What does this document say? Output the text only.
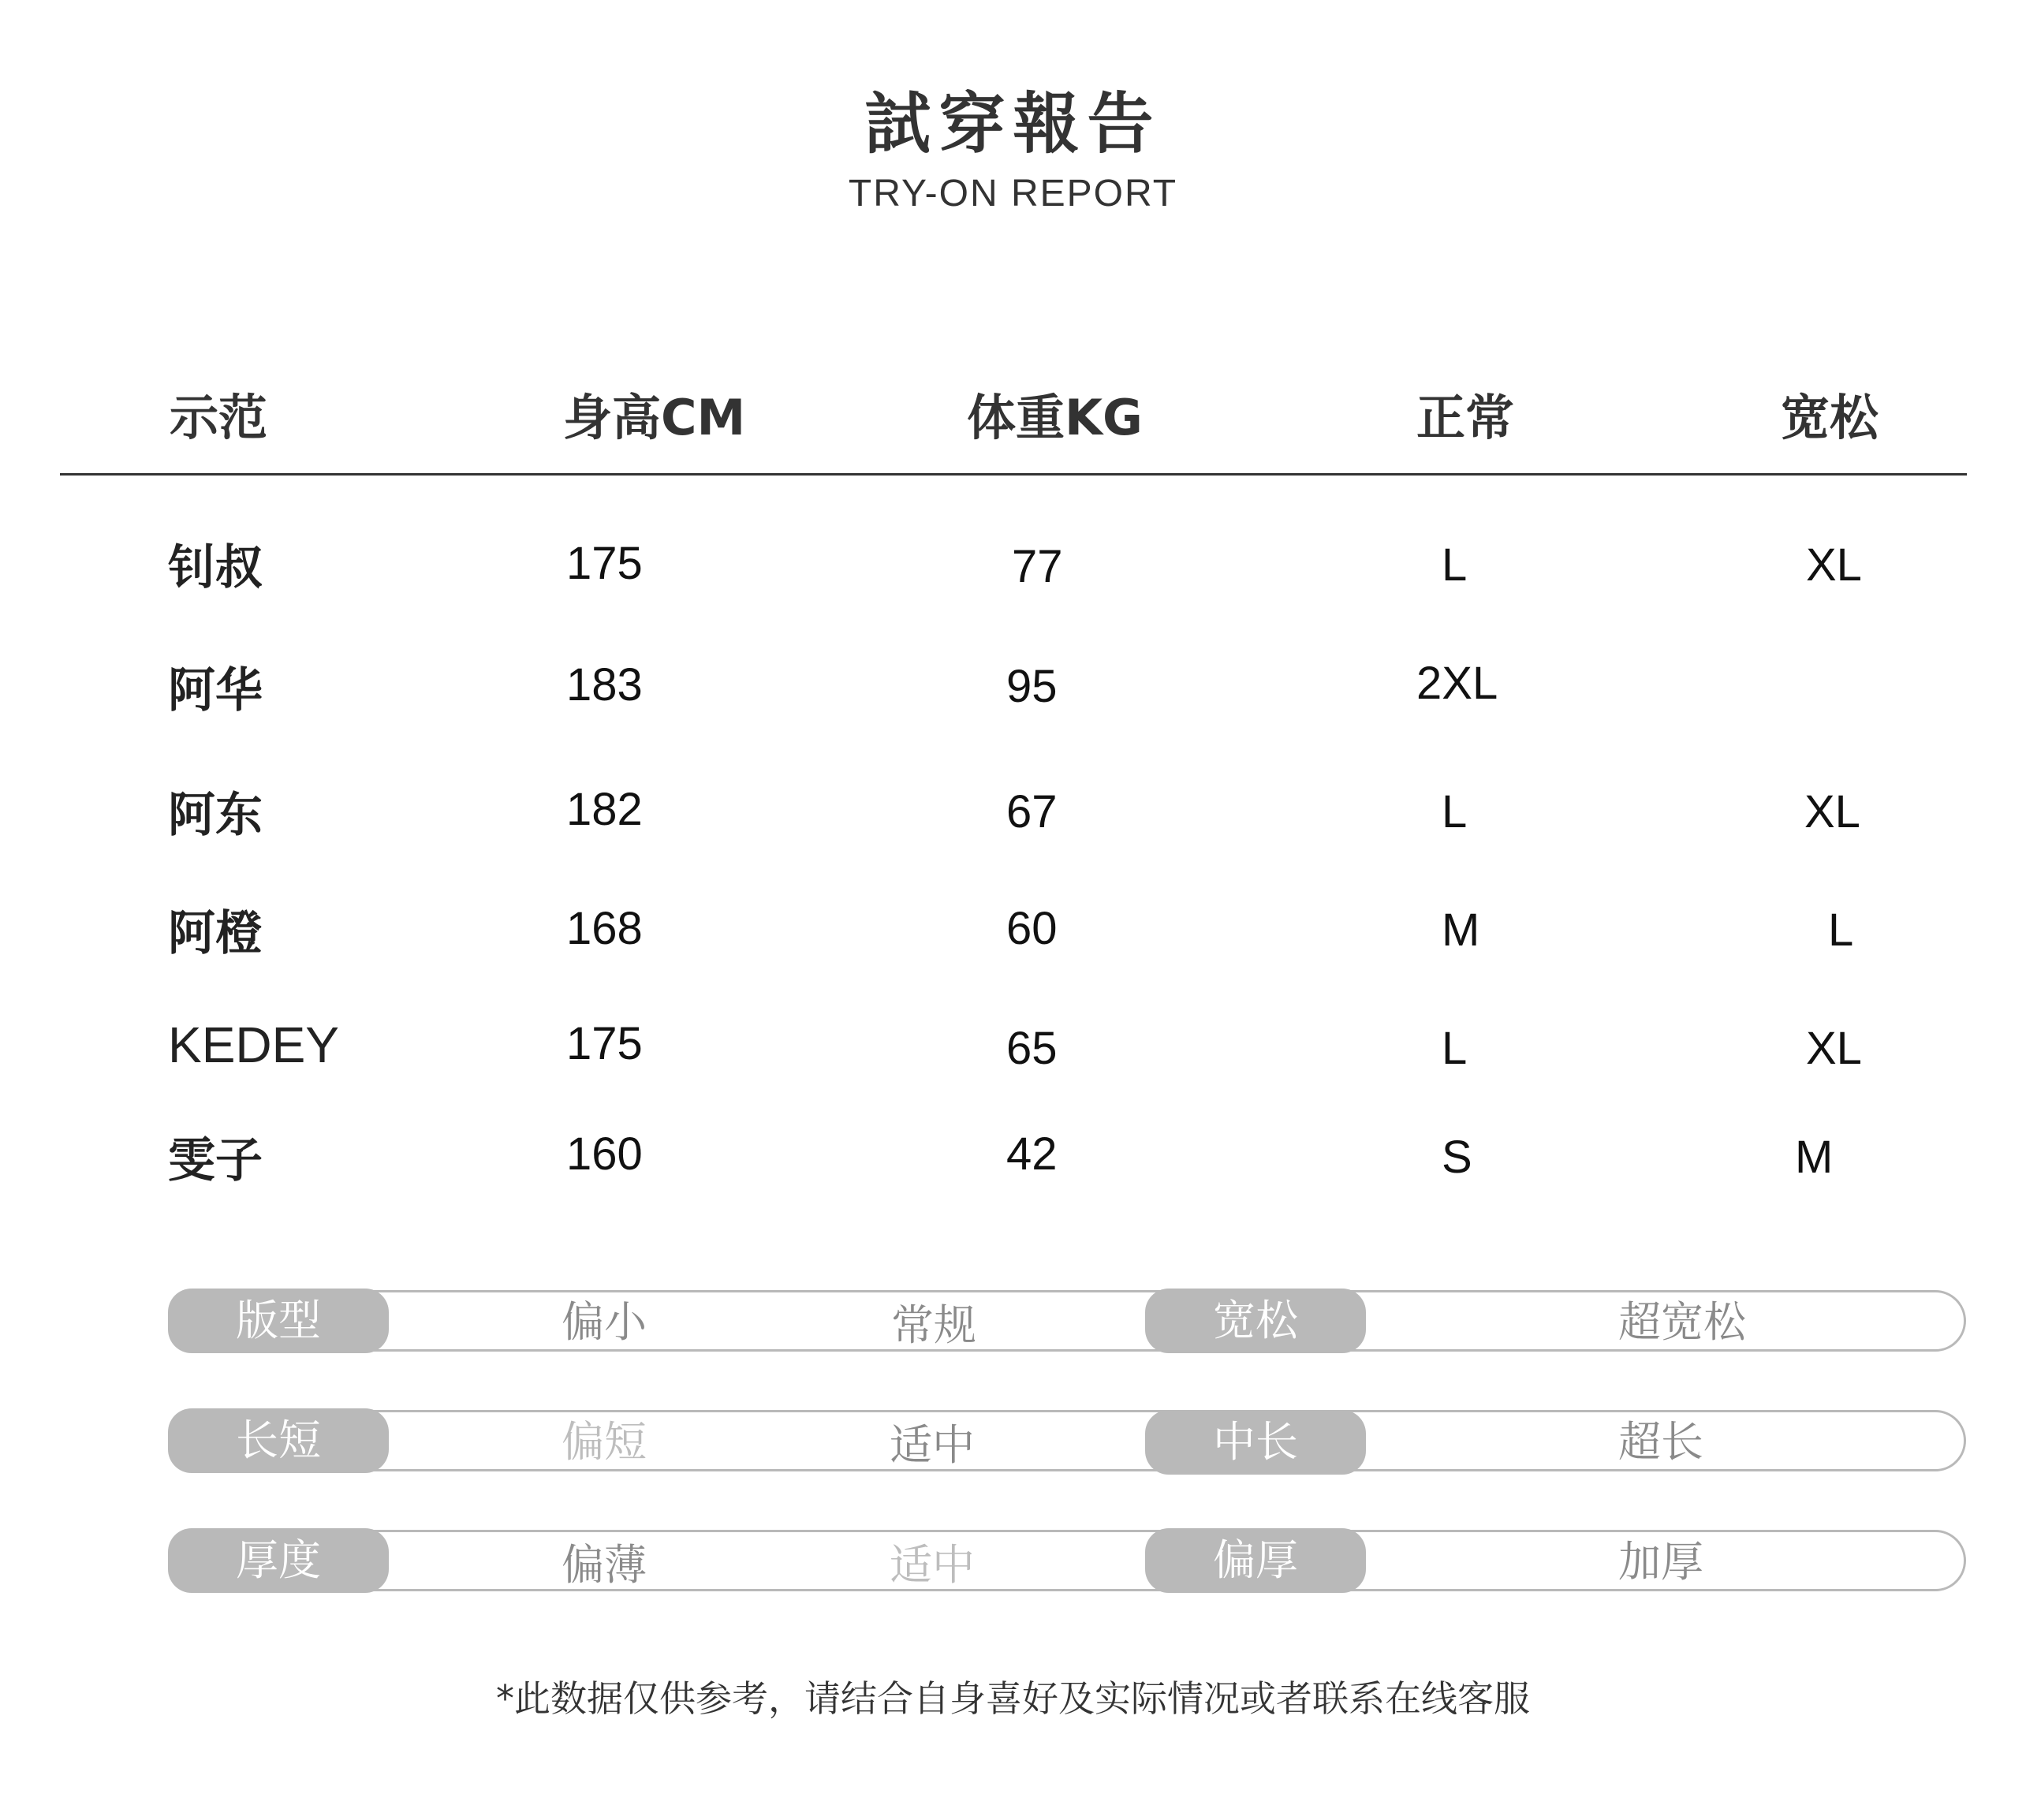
試穿報告
TRY-ON REPORT
示范	身高CM	体重KG	正常	宽松
钊叔	175	77	L	XL
阿华	183	95	2XL
阿东	182	67	L	XL
阿橙	168	60	M	L
KEDEY	175	65	L	XL
雯子	160	42	S	M
版型	偏小	常规	宽松	超宽松
长短	偏短	适中	中长	超长
厚度	偏薄	适中	偏厚	加厚
*此数据仅供参考，请结合自身喜好及实际情况或者联系在线客服
